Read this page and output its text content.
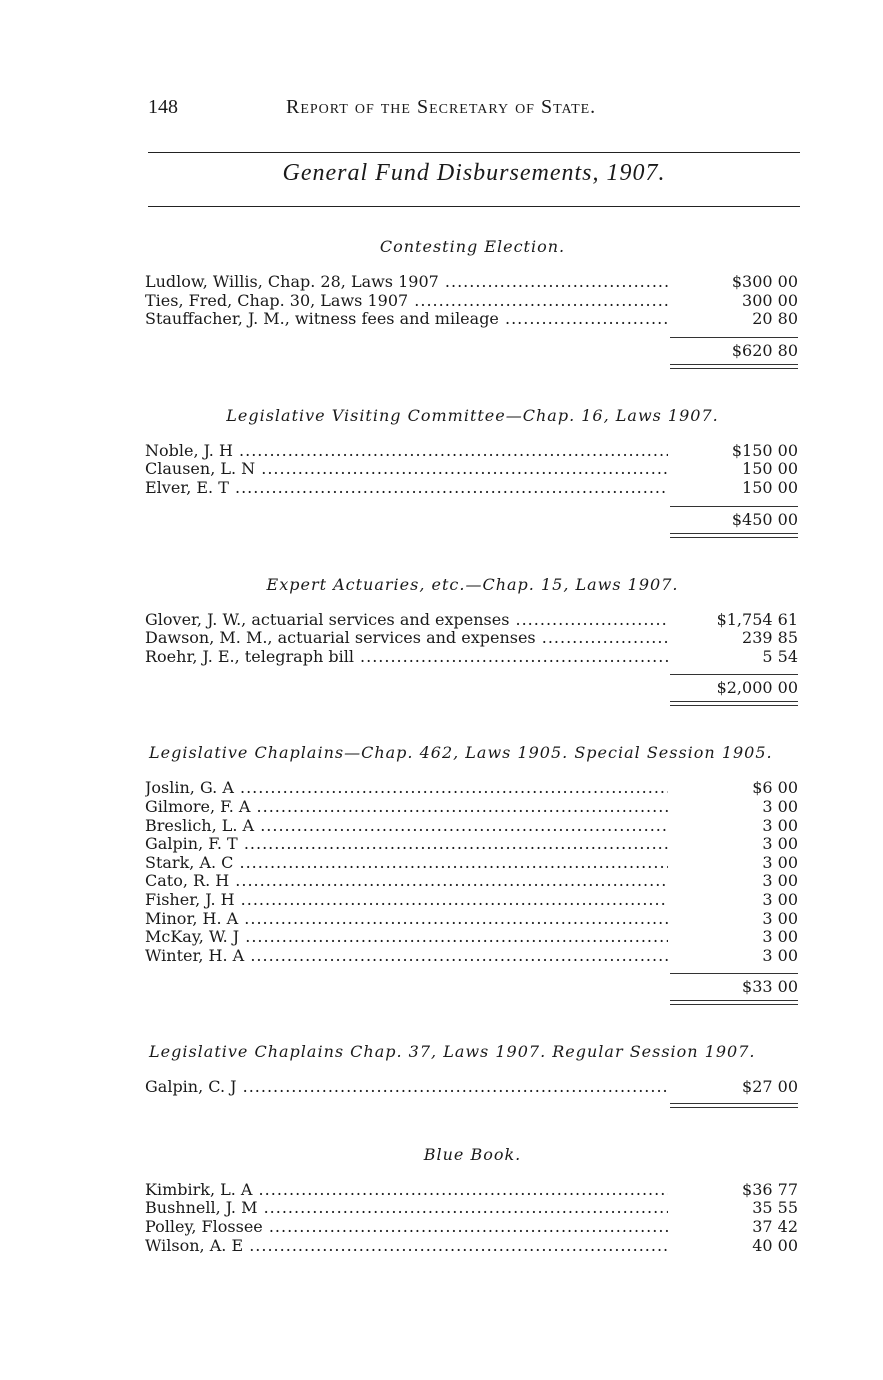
148	Report of the Secretary of State.
General Fund Disbursements, 1907.
Contesting Election.
Ludlow, Willis, Chap. 28, Laws 1907 .....	$300 00
Ties, Fred, Chap. 30, Laws 1907 .....	300 00
Stauffacher, J. M., witness fees and mileage .....	20 80
$620 80
Legislative Visiting Committee—Chap. 16, Laws 1907.
Noble, J. H .....	$150 00
Clausen, L. N .....	150 00
Elver, E. T .....	150 00
$450 00
Expert Actuaries, etc.—Chap. 15, Laws 1907.
Glover, J. W., actuarial services and expenses .....	$1,754 61
Dawson, M. M., actuarial services and expenses .....	239 85
Roehr, J. E., telegraph bill .....	5 54
$2,000 00
Legislative Chaplains—Chap. 462, Laws 1905. Special Session 1905.
Joslin, G. A .....	$6 00
Gilmore, F. A .....	3 00
Breslich, L. A .....	3 00
Galpin, F. T .....	3 00
Stark, A. C .....	3 00
Cato, R. H .....	3 00
Fisher, J. H .....	3 00
Minor, H. A .....	3 00
McKay, W. J .....	3 00
Winter, H. A .....	3 00
$33 00
Legislative Chaplains Chap. 37, Laws 1907. Regular Session 1907.
Galpin, C. J .....	$27 00
Blue Book.
Kimbirk, L. A .....	$36 77
Bushnell, J. M .....	35 55
Polley, Flossee .....	37 42
Wilson, A. E .....	40 00
